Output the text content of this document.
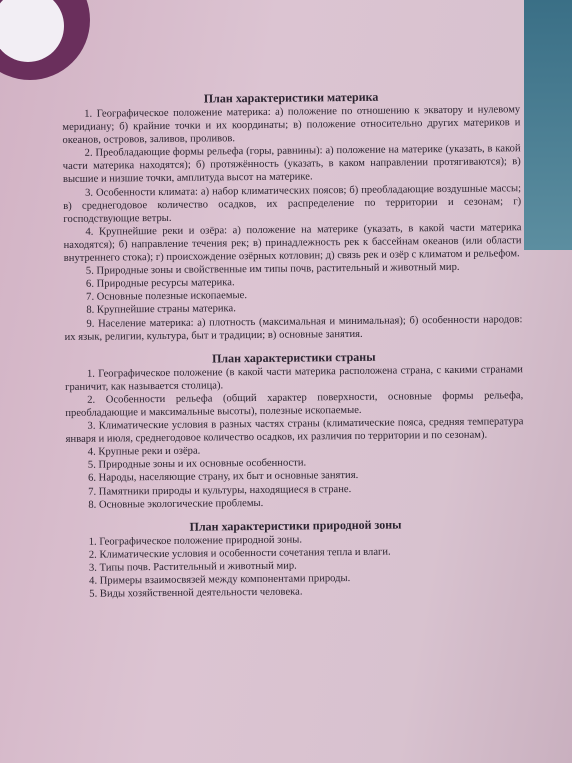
План характеристики материка

1. Географическое положение материка: а) положение по отношению к экватору и нулевому меридиану; б) крайние точки и их координаты; в) положение относительно других материков и океанов, островов, заливов, проливов.

2. Преобладающие формы рельефа (горы, равнины): а) положение на материке (указать, в какой части материка находятся); б) протяжённость (указать, в каком направлении протягиваются); в) высшие и низшие точки, амплитуда высот на материке.

3. Особенности климата: а) набор климатических поясов; б) преобладающие воздушные массы; в) среднегодовое количество осадков, их распределение по территории и сезонам; г) господствующие ветры.

4. Крупнейшие реки и озёра: а) положение на материке (указать, в какой части материка находятся); б) направление течения рек; в) принадлежность рек к бассейнам океанов (или области внутреннего стока); г) происхождение озёрных котловин; д) связь рек и озёр с климатом и рельефом.

5. Природные зоны и свойственные им типы почв, растительный и животный мир.

6. Природные ресурсы материка.

7. Основные полезные ископаемые.

8. Крупнейшие страны материка.

9. Население материка: а) плотность (максимальная и минимальная); б) особенности народов: их язык, религии, культура, быт и традиции; в) основные занятия.

План характеристики страны

1. Географическое положение (в какой части материка расположена страна, с какими странами граничит, как называется столица).

2. Особенности рельефа (общий характер поверхности, основные формы рельефа, преобладающие и максимальные высоты), полезные ископаемые.

3. Климатические условия в разных частях страны (климатические пояса, средняя температура января и июля, среднегодовое количество осадков, их различия по территории и по сезонам).

4. Крупные реки и озёра.

5. Природные зоны и их основные особенности.

6. Народы, населяющие страну, их быт и основные занятия.

7. Памятники природы и культуры, находящиеся в стране.

8. Основные экологические проблемы.

План характеристики природной зоны

1. Географическое положение природной зоны.

2. Климатические условия и особенности сочетания тепла и влаги.

3. Типы почв. Растительный и животный мир.

4. Примеры взаимосвязей между компонентами природы.

5. Виды хозяйственной деятельности человека.
